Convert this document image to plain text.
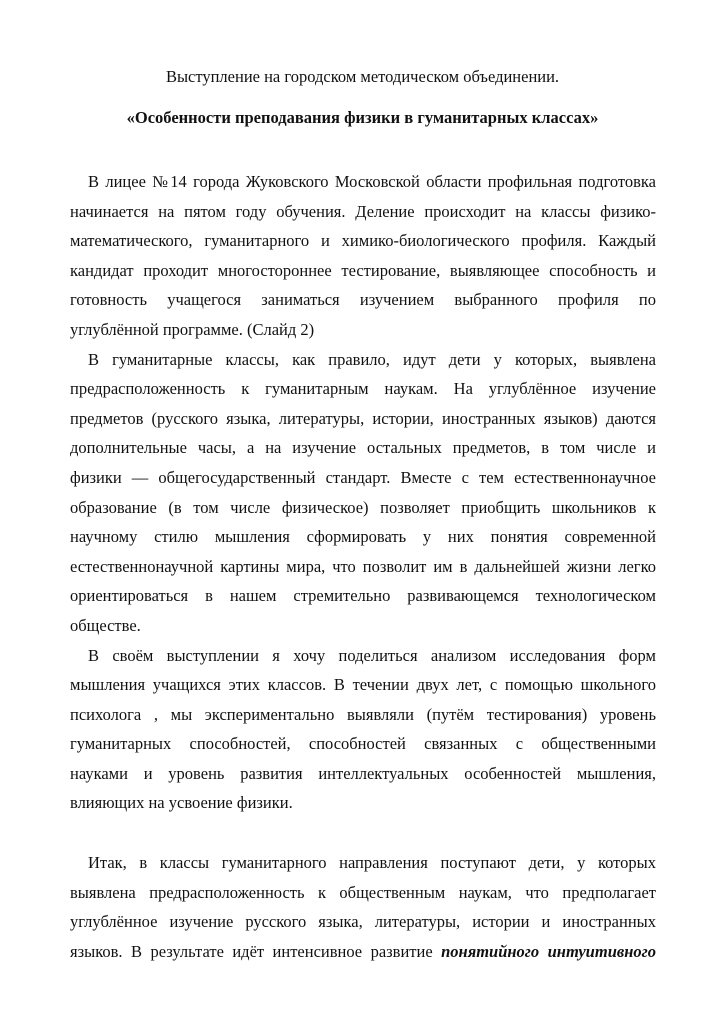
Выступление на городском методическом объединении.
«Особенности преподавания физики в гуманитарных классах»
В лицее №14 города Жуковского Московской области профильная подготовка
начинается на пятом году обучения. Деление происходит на классы физико-
математического, гуманитарного и химико-биологического профиля. Каждый
кандидат проходит многостороннее тестирование, выявляющее способность и
готовность учащегося заниматься изучением выбранного профиля по
углублённой программе. (Слайд 2)
В гуманитарные классы, как правило, идут дети у которых, выявлена
предрасположенность к гуманитарным наукам. На углублённое изучение
предметов (русского языка, литературы, истории, иностранных языков) даются
дополнительные часы, а на изучение остальных предметов, в том числе и
физики — общегосударственный стандарт. Вместе с тем естественнонаучное
образование (в том числе физическое) позволяет приобщить школьников к
научному стилю мышления сформировать у них понятия современной
естественнонаучной картины мира, что позволит им в дальнейшей жизни легко
ориентироваться в нашем стремительно развивающемся технологическом
обществе.
В своём выступлении я хочу поделиться анализом исследования форм
мышления учащихся этих классов. В течении двух лет, с помощью школьного
психолога , мы экспериментально выявляли (путём тестирования) уровень
гуманитарных способностей, способностей связанных с общественными
науками и уровень развития интеллектуальных особенностей мышления,
влияющих на усвоение физики.
Итак, в классы гуманитарного направления поступают дети, у которых
выявлена предрасположенность к общественным наукам, что предполагает
углублённое изучение русского языка, литературы, истории и иностранных
языков. В результате идёт интенсивное развитие понятийного интуитивного
